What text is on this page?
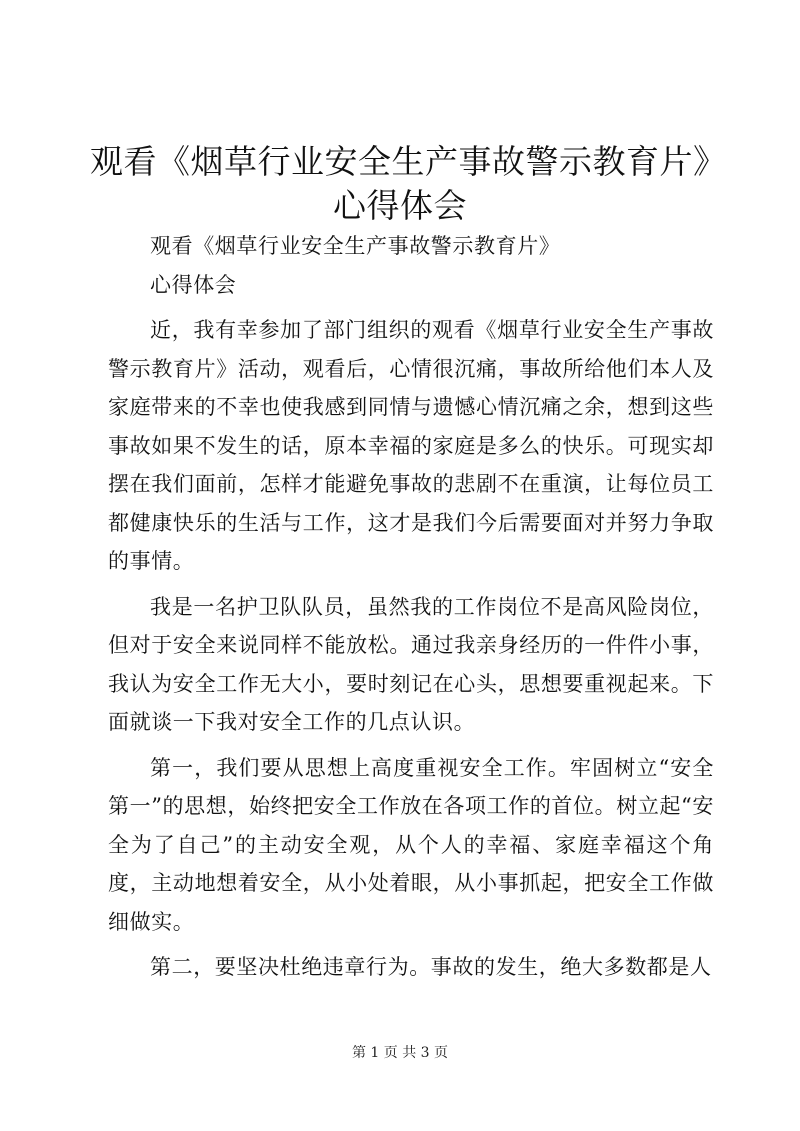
观看《烟草行业安全生产事故警示教育片》心得体会

观看《烟草行业安全生产事故警示教育片》

心得体会

近，我有幸参加了部门组织的观看《烟草行业安全生产事故警示教育片》活动，观看后，心情很沉痛，事故所给他们本人及家庭带来的不幸也使我感到同情与遗憾心情沉痛之余，想到这些事故如果不发生的话，原本幸福的家庭是多么的快乐。可现实却摆在我们面前，怎样才能避免事故的悲剧不在重演，让每位员工都健康快乐的生活与工作，这才是我们今后需要面对并努力争取的事情。

我是一名护卫队队员，虽然我的工作岗位不是高风险岗位，但对于安全来说同样不能放松。通过我亲身经历的一件件小事，我认为安全工作无大小，要时刻记在心头，思想要重视起来。下面就谈一下我对安全工作的几点认识。

第一，我们要从思想上高度重视安全工作。牢固树立“安全第一”的思想，始终把安全工作放在各项工作的首位。树立起“安全为了自己”的主动安全观，从个人的幸福、家庭幸福这个角度，主动地想着安全，从小处着眼，从小事抓起，把安全工作做细做实。

第二，要坚决杜绝违章行为。事故的发生，绝大多数都是人

第 1 页 共 3 页
